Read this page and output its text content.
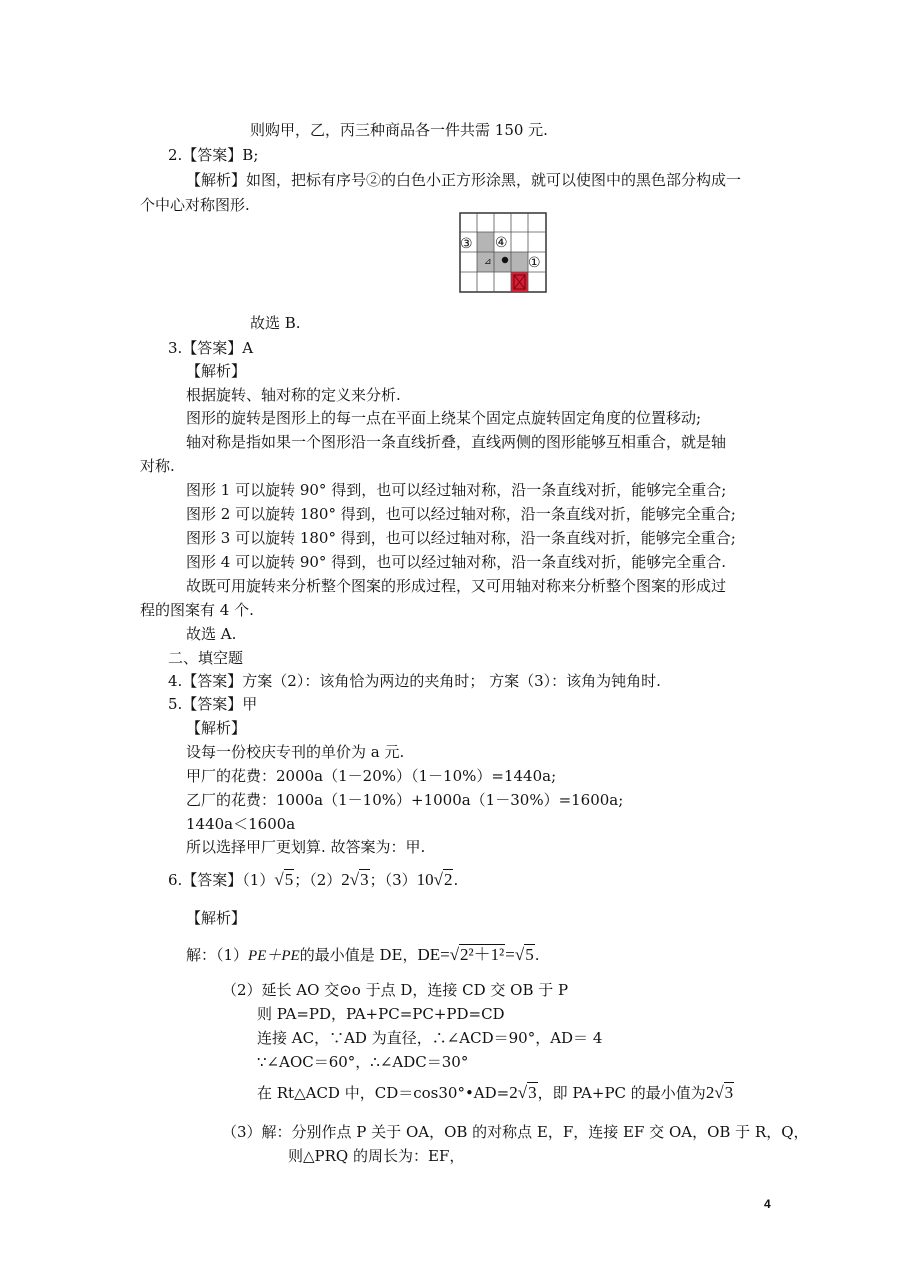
则购甲，乙，丙三种商品各一件共需 150 元.
2.【答案】B;
【解析】如图，把标有序号②的白色小正方形涂黑，就可以使图中的黑色部分构成一
个中心对称图形.
⊿
③ ④
①
故选 B.
3.【答案】A
【解析】
根据旋转、轴对称的定义来分析.
图形的旋转是图形上的每一点在平面上绕某个固定点旋转固定角度的位置移动;
轴对称是指如果一个图形沿一条直线折叠，直线两侧的图形能够互相重合，就是轴
对称.
图形 1 可以旋转 90° 得到，也可以经过轴对称，沿一条直线对折，能够完全重合;
图形 2 可以旋转 180° 得到，也可以经过轴对称，沿一条直线对折，能够完全重合;
图形 3 可以旋转 180° 得到，也可以经过轴对称，沿一条直线对折，能够完全重合;
图形 4 可以旋转 90° 得到，也可以经过轴对称，沿一条直线对折，能够完全重合.
故既可用旋转来分析整个图案的形成过程，又可用轴对称来分析整个图案的形成过
程的图案有 4 个.
故选 A.
二、填空题
4.【答案】方案（2）：该角恰为两边的夹角时； 方案（3）：该角为钝角时.
5.【答案】甲
【解析】
设每一份校庆专刊的单价为 a 元.
甲厂的花费：2000a（1－20%）（1－10%）=1440a;
乙厂的花费：1000a（1－10%）+1000a（1－30%）=1600a;
1440a＜1600a
所以选择甲厂更划算. 故答案为：甲.
6.【答案】（1）√5；（2）2√3；（3）10√2.
【解析】
解：（1）PE＋PE的最小值是 DE，DE=√2²＋1²=√5.
（2）延长 AO 交⊙o 于点 D，连接 CD 交 OB 于 P
则 PA=PD，PA+PC=PC+PD=CD
连接 AC，∵AD 为直径，∴∠ACD＝90°，AD＝ 4
∵∠AOC＝60°，∴∠ADC＝30°
在 Rt△ACD 中，CD＝cos30°•AD=2√3，即 PA+PC 的最小值为2√3
（3）解：分别作点 P 关于 OA，OB 的对称点 E，F，连接 EF 交 OA，OB 于 R，Q，
则△PRQ 的周长为：EF，
4
